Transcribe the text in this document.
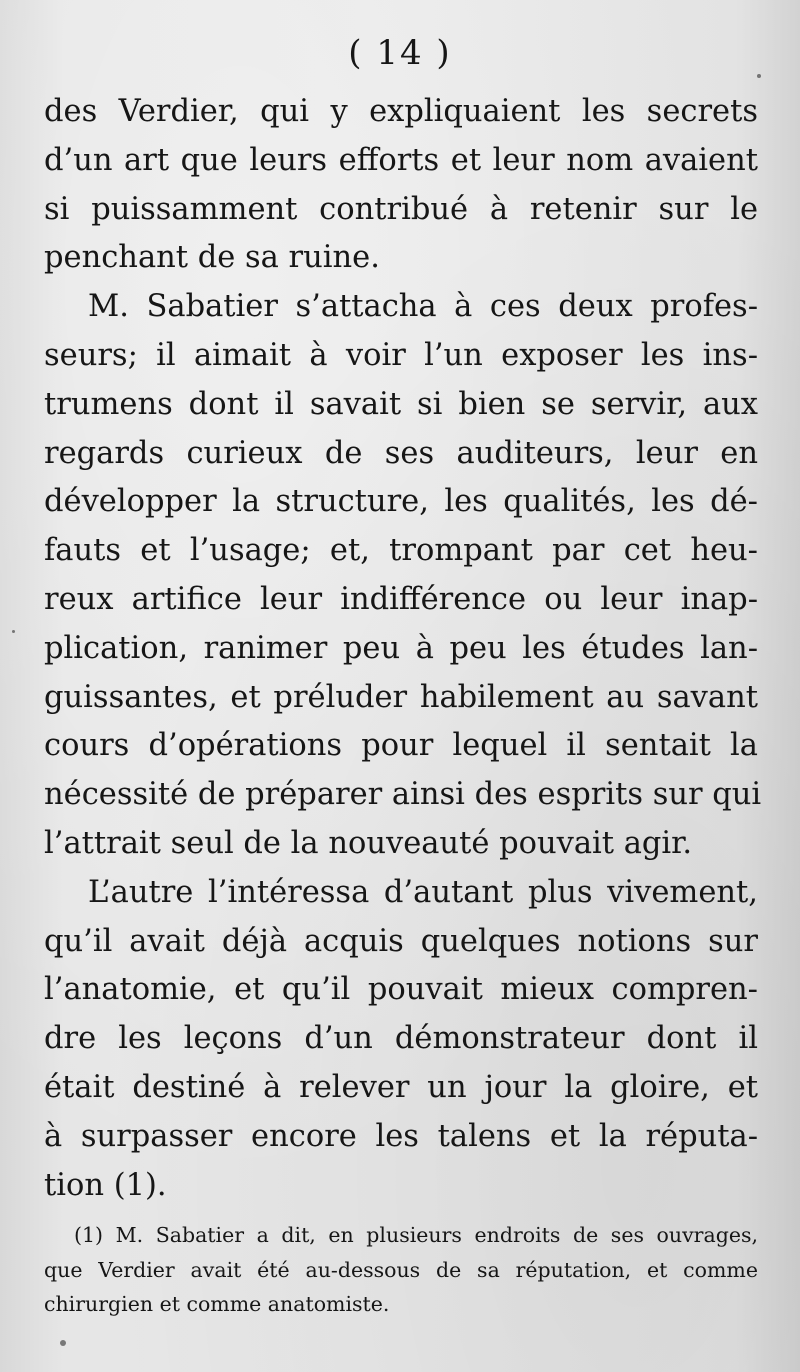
( 14 )
des Verdier, qui y expliquaient les secrets
d’un art que leurs efforts et leur nom avaient
si puissamment contribué à retenir sur le
penchant de sa ruine.
M. Sabatier s’attacha à ces deux profes-
seurs; il aimait à voir l’un exposer les ins-
trumens dont il savait si bien se servir, aux
regards curieux de ses auditeurs, leur en
développer la structure, les qualités, les dé-
fauts et l’usage; et, trompant par cet heu-
reux artifice leur indifférence ou leur inap-
plication, ranimer peu à peu les études lan-
guissantes, et préluder habilement au savant
cours d’opérations pour lequel il sentait la
nécessité de préparer ainsi des esprits sur qui
l’attrait seul de la nouveauté pouvait agir.
L’autre l’intéressa d’autant plus vivement,
qu’il avait déjà acquis quelques notions sur
l’anatomie, et qu’il pouvait mieux compren-
dre les leçons d’un démonstrateur dont il
était destiné à relever un jour la gloire, et
à surpasser encore les talens et la réputa-
tion (1).
(1) M. Sabatier a dit, en plusieurs endroits de ses ouvrages,
que Verdier avait été au-dessous de sa réputation, et comme
chirurgien et comme anatomiste.
